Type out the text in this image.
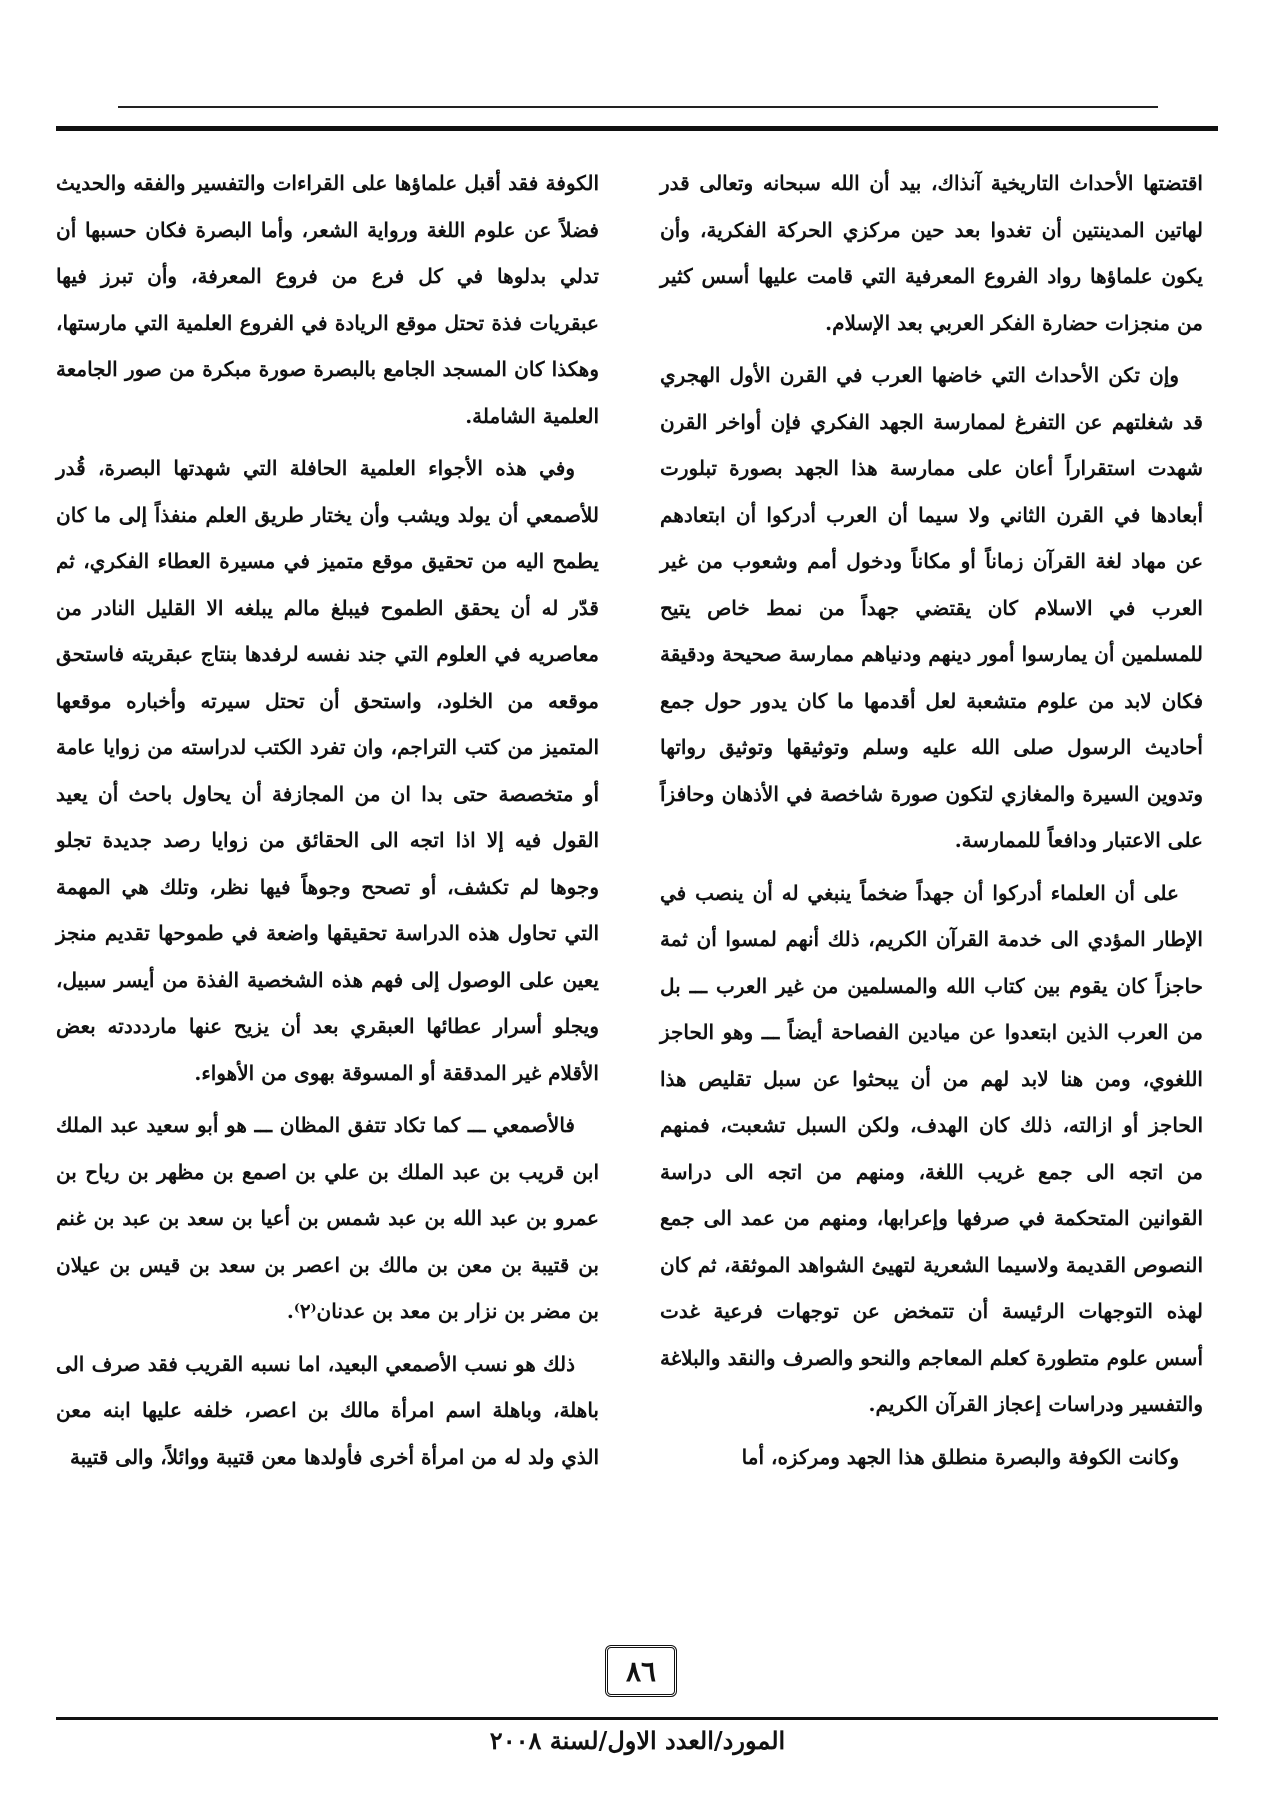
اقتضتها الأحداث التاريخية آنذاك، بيد أن الله سبحانه وتعالى قدر لهاتين المدينتين أن تغدوا بعد حين مركزي الحركة الفكرية، وأن يكون علماؤها رواد الفروع المعرفية التي قامت عليها أسس كثير من منجزات حضارة الفكر العربي بعد الإسلام.

وإن تكن الأحداث التي خاضها العرب في القرن الأول الهجري قد شغلتهم عن التفرغ لممارسة الجهد الفكري فإن أواخر القرن شهدت استقراراً أعان على ممارسة هذا الجهد بصورة تبلورت أبعادها في القرن الثاني ولا سيما أن العرب أدركوا أن ابتعادهم عن مهاد لغة القرآن زماناً أو مكاناً ودخول أمم وشعوب من غير العرب في الاسلام كان يقتضي جهداً من نمط خاص يتيح للمسلمين أن يمارسوا أمور دينهم ودنياهم ممارسة صحيحة ودقيقة فكان لابد من علوم متشعبة لعل أقدمها ما كان يدور حول جمع أحاديث الرسول صلى الله عليه وسلم وتوثيقها وتوثيق رواتها وتدوين السيرة والمغازي لتكون صورة شاخصة في الأذهان وحافزاً على الاعتبار ودافعاً للممارسة.

على أن العلماء أدركوا أن جهداً ضخماً ينبغي له أن ينصب في الإطار المؤدي الى خدمة القرآن الكريم، ذلك أنهم لمسوا أن ثمة حاجزاً كان يقوم بين كتاب الله والمسلمين من غير العرب ـــ بل من العرب الذين ابتعدوا عن ميادين الفصاحة أيضاً ـــ وهو الحاجز اللغوي، ومن هنا لابد لهم من أن يبحثوا عن سبل تقليص هذا الحاجز أو ازالته، ذلك كان الهدف، ولكن السبل تشعبت، فمنهم من اتجه الى جمع غريب اللغة، ومنهم من اتجه الى دراسة القوانين المتحكمة في صرفها وإعرابها، ومنهم من عمد الى جمع النصوص القديمة ولاسيما الشعرية لتهيئ الشواهد الموثقة، ثم كان لهذه التوجهات الرئيسة أن تتمخض عن توجهات فرعية غدت أسس علوم متطورة كعلم المعاجم والنحو والصرف والنقد والبلاغة والتفسير ودراسات إعجاز القرآن الكريم.

وكانت الكوفة والبصرة منطلق هذا الجهد ومركزه، أما

الكوفة فقد أقبل علماؤها على القراءات والتفسير والفقه والحديث فضلاً عن علوم اللغة ورواية الشعر، وأما البصرة فكان حسبها أن تدلي بدلوها في كل فرع من فروع المعرفة، وأن تبرز فيها عبقريات فذة تحتل موقع الريادة في الفروع العلمية التي مارستها، وهكذا كان المسجد الجامع بالبصرة صورة مبكرة من صور الجامعة العلمية الشاملة.

وفي هذه الأجواء العلمية الحافلة التي شهدتها البصرة، قُدر للأصمعي أن يولد ويشب وأن يختار طريق العلم منفذاً إلى ما كان يطمح اليه من تحقيق موقع متميز في مسيرة العطاء الفكري، ثم قدّر له أن يحقق الطموح فيبلغ مالم يبلغه الا القليل النادر من معاصريه في العلوم التي جند نفسه لرفدها بنتاج عبقريته فاستحق موقعه من الخلود، واستحق أن تحتل سيرته وأخباره موقعها المتميز من كتب التراجم، وان تفرد الكتب لدراسته من زوايا عامة أو متخصصة حتى بدا ان من المجازفة أن يحاول باحث أن يعيد القول فيه إلا اذا اتجه الى الحقائق من زوايا رصد جديدة تجلو وجوها لم تكشف، أو تصحح وجوهاً فيها نظر، وتلك هي المهمة التي تحاول هذه الدراسة تحقيقها واضعة في طموحها تقديم منجز يعين على الوصول إلى فهم هذه الشخصية الفذة من أيسر سبيل، ويجلو أسرار عطائها العبقري بعد أن يزيح عنها ماردددته بعض الأقلام غير المدققة أو المسوقة بهوى من الأهواء.

فالأصمعي ـــ كما تكاد تتفق المظان ـــ هو أبو سعيد عبد الملك ابن قريب بن عبد الملك بن علي بن اصمع بن مظهر بن رياح بن عمرو بن عبد الله بن عبد شمس بن أعيا بن سعد بن عبد بن غنم بن قتيبة بن معن بن مالك بن اعصر بن سعد بن قيس بن عيلان بن مضر بن نزار بن معد بن عدنان⁽٢⁾.

ذلك هو نسب الأصمعي البعيد، اما نسبه القريب فقد صرف الى باهلة، وباهلة اسم امرأة مالك بن اعصر، خلفه عليها ابنه معن الذي ولد له من امرأة أخرى فأولدها معن قتيبة ووائلاً، والى قتيبة

٨٦
المورد/العدد الاول/لسنة ٢٠٠٨
